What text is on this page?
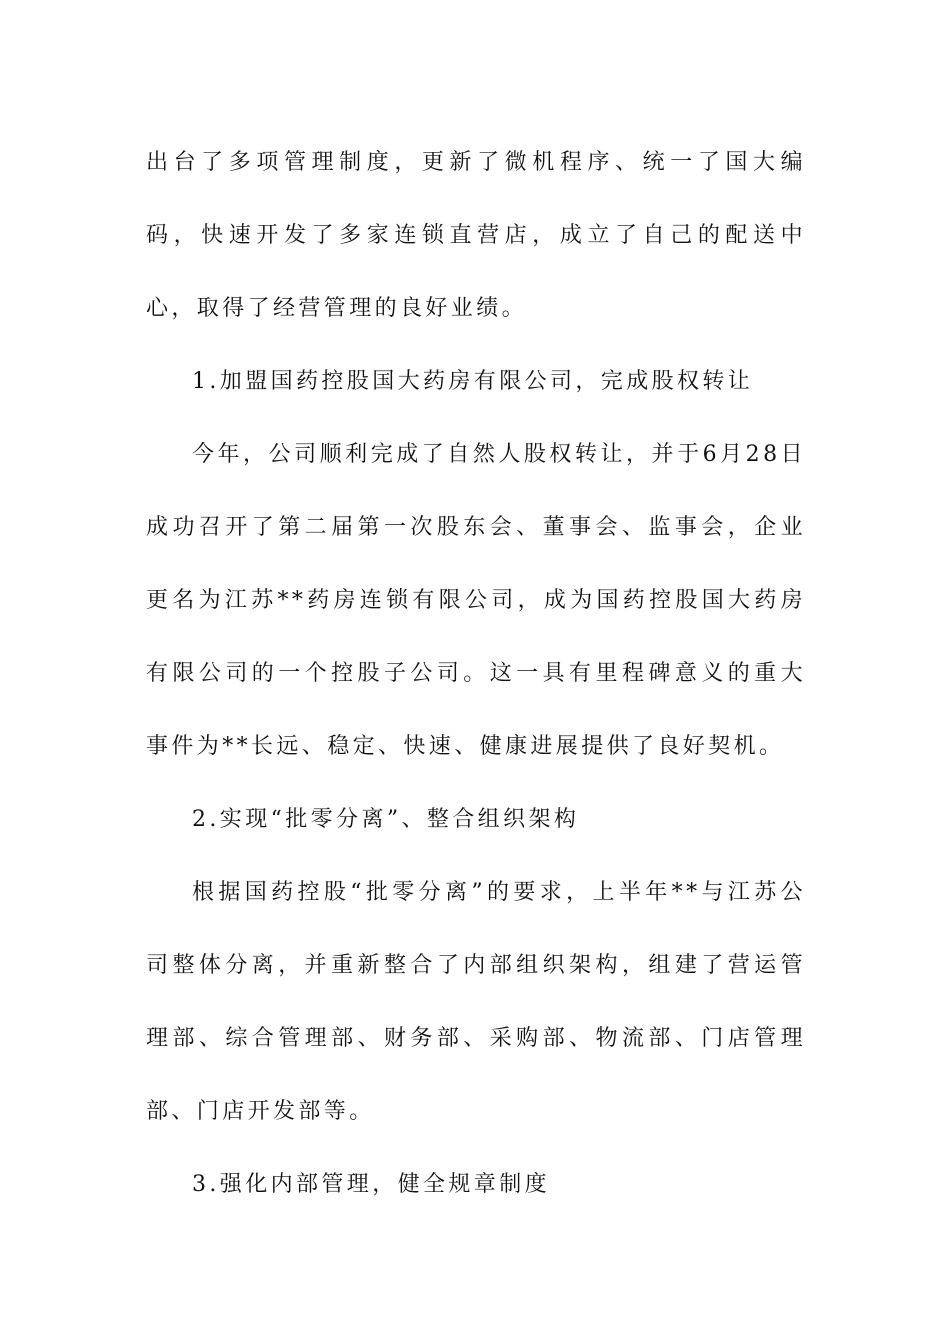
出台了多项管理制度，更新了微机程序、统一了国大编码，快速开发了多家连锁直营店，成立了自己的配送中心，取得了经营管理的良好业绩。

1.加盟国药控股国大药房有限公司，完成股权转让

今年，公司顺利完成了自然人股权转让，并于6月28日成功召开了第二届第一次股东会、董事会、监事会，企业更名为江苏**药房连锁有限公司，成为国药控股国大药房有限公司的一个控股子公司。这一具有里程碑意义的重大事件为**长远、稳定、快速、健康进展提供了良好契机。

2.实现“批零分离”、整合组织架构

根据国药控股“批零分离”的要求，上半年**与江苏公司整体分离，并重新整合了内部组织架构，组建了营运管理部、综合管理部、财务部、采购部、物流部、门店管理部、门店开发部等。

3.强化内部管理，健全规章制度
